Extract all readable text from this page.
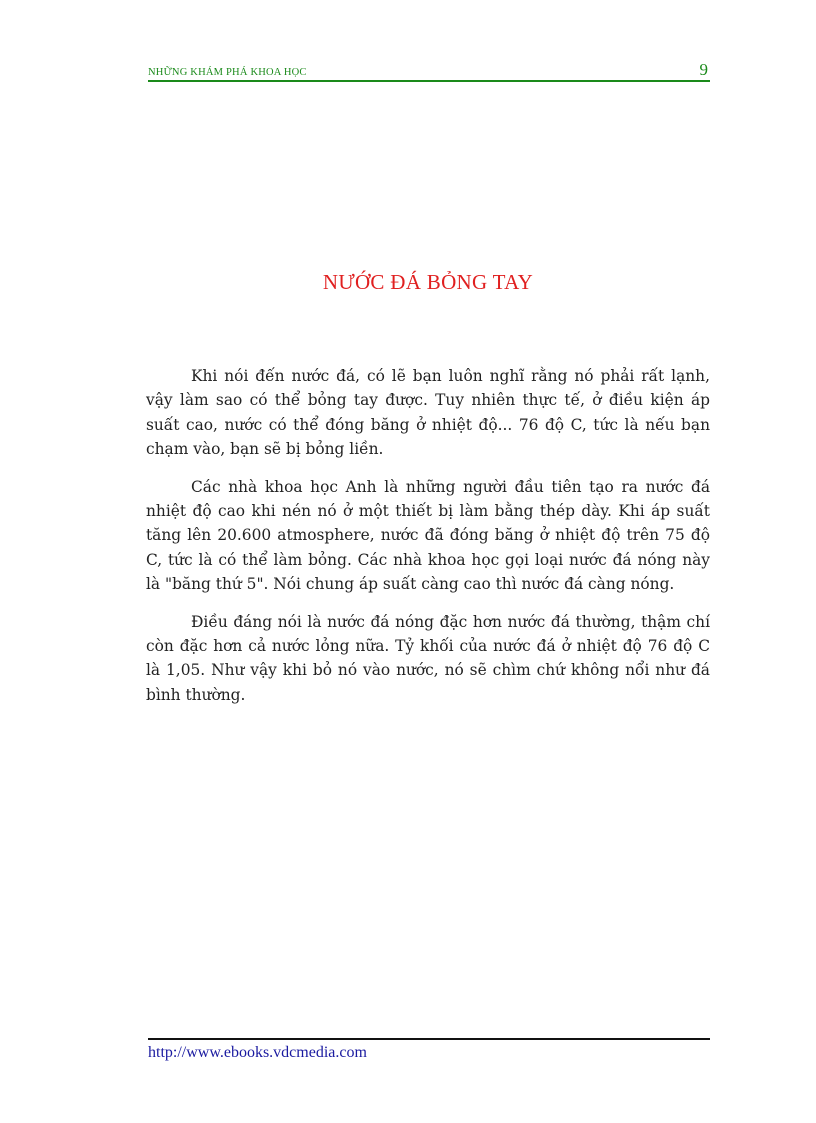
NHỮNG KHÁM PHÁ KHOA HỌC	9
NƯỚC ĐÁ BỎNG TAY

Khi nói đến nước đá, có lẽ bạn luôn nghĩ rằng nó phải rất lạnh, vậy làm sao có thể bỏng tay được. Tuy nhiên thực tế, ở điều kiện áp suất cao, nước có thể đóng băng ở nhiệt độ... 76 độ C, tức là nếu bạn chạm vào, bạn sẽ bị bỏng liền.

Các nhà khoa học Anh là những người đầu tiên tạo ra nước đá nhiệt độ cao khi nén nó ở một thiết bị làm bằng thép dày. Khi áp suất tăng lên 20.600 atmosphere, nước đã đóng băng ở nhiệt độ trên 75 độ C, tức là có thể làm bỏng. Các nhà khoa học gọi loại nước đá nóng này là "băng thứ 5". Nói chung áp suất càng cao thì nước đá càng nóng.

Điều đáng nói là nước đá nóng đặc hơn nước đá thường, thậm chí còn đặc hơn cả nước lỏng nữa. Tỷ khối của nước đá ở nhiệt độ 76 độ C là 1,05. Như vậy khi bỏ nó vào nước, nó sẽ chìm chứ không nổi như đá bình thường.

http://www.ebooks.vdcmedia.com
